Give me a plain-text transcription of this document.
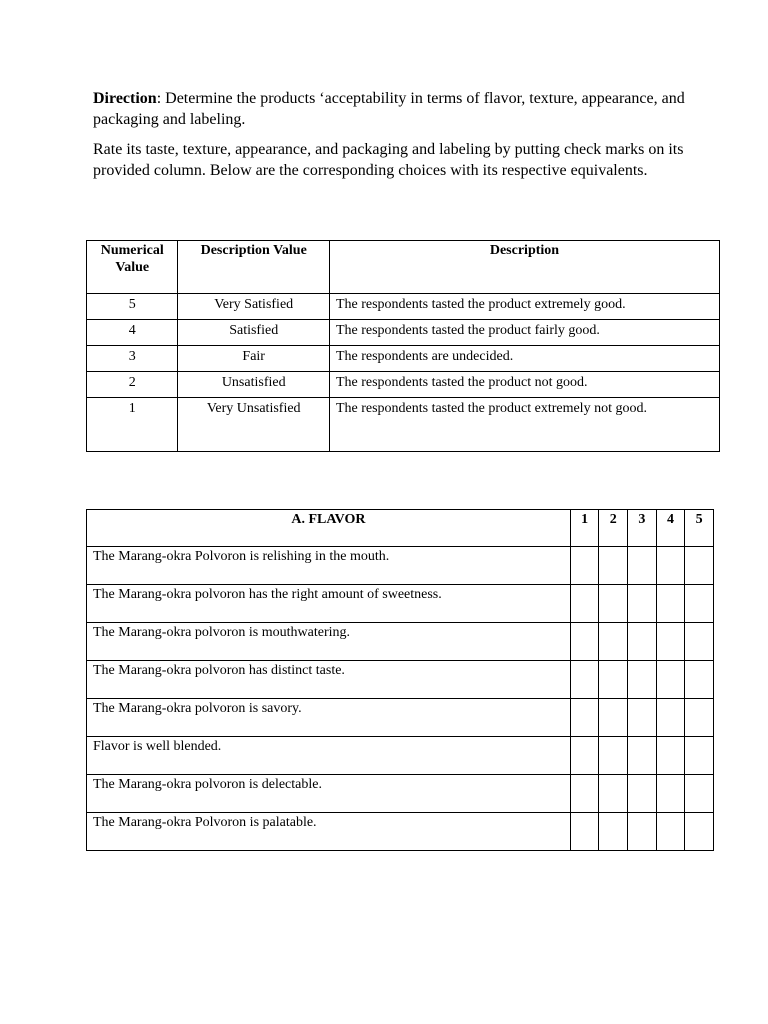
Direction: Determine the products ‘acceptability in terms of flavor, texture, appearance, and packaging and labeling.

Rate its taste, texture, appearance, and packaging and labeling by putting check marks on its provided column. Below are the corresponding choices with its respective equivalents.

Numerical Value	Description Value	Description
5	Very Satisfied	The respondents tasted the product extremely good.
4	Satisfied	The respondents tasted the product fairly good.
3	Fair	The respondents are undecided.
2	Unsatisfied	The respondents tasted the product not good.
1	Very Unsatisfied	The respondents tasted the product extremely not good.
A. FLAVOR	1	2	3	4	5
The Marang-okra Polvoron is relishing in the mouth.					
The Marang-okra polvoron has the right amount of sweetness.					
The Marang-okra polvoron is mouthwatering.					
The Marang-okra polvoron has distinct taste.					
The Marang-okra polvoron is savory.					
Flavor is well blended.					
The Marang-okra polvoron is delectable.					
The Marang-okra Polvoron is palatable.					
